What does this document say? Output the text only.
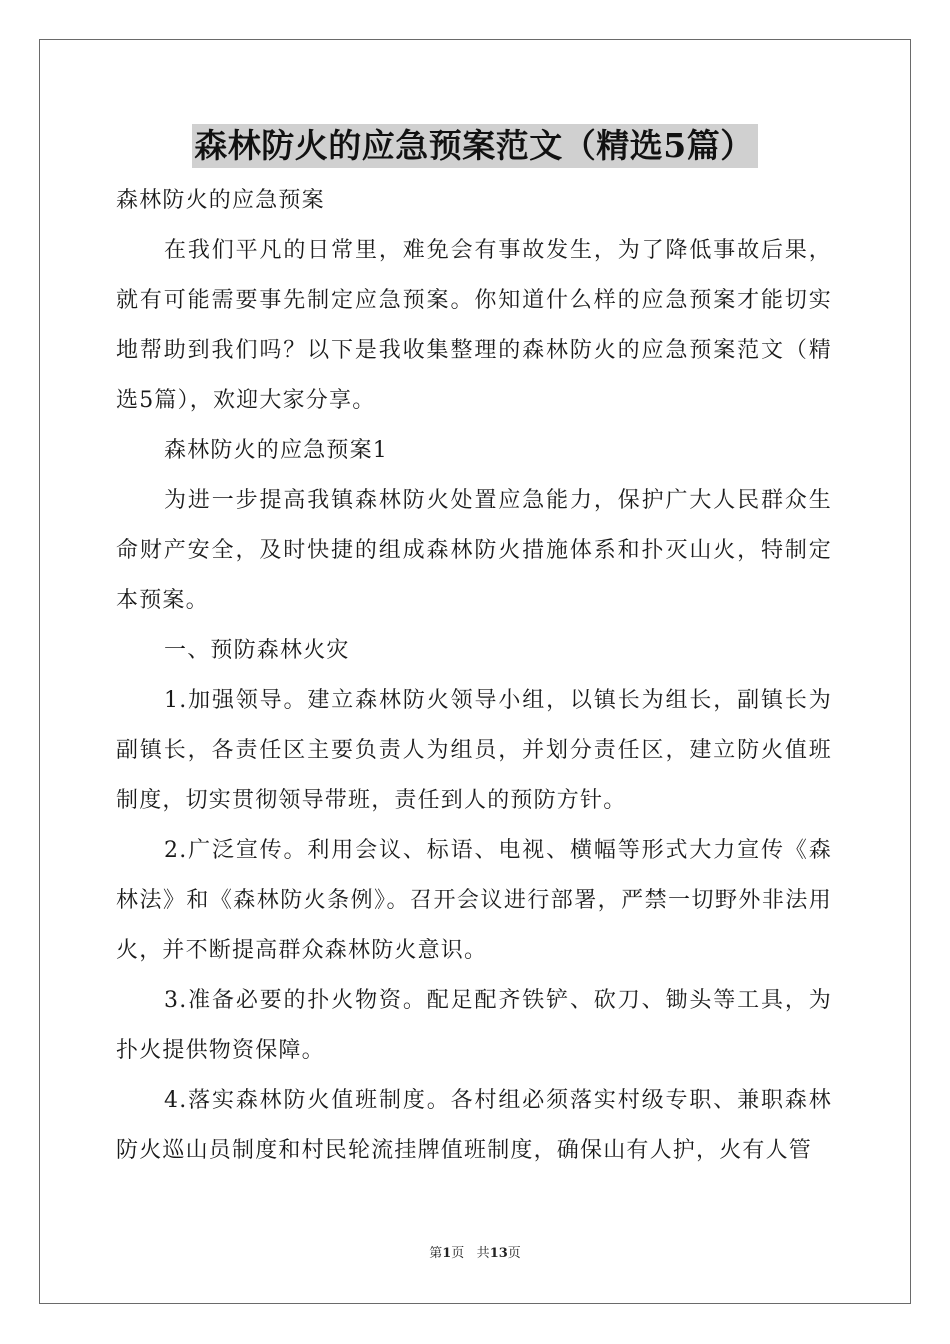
森林防火的应急预案范文（精选5篇）

森林防火的应急预案

在我们平凡的日常里，难免会有事故发生，为了降低事故后果，就有可能需要事先制定应急预案。你知道什么样的应急预案才能切实地帮助到我们吗？以下是我收集整理的森林防火的应急预案范文（精选5篇），欢迎大家分享。

森林防火的应急预案1

为进一步提高我镇森林防火处置应急能力，保护广大人民群众生命财产安全，及时快捷的组成森林防火措施体系和扑灭山火，特制定本预案。

一、预防森林火灾

1.加强领导。建立森林防火领导小组，以镇长为组长，副镇长为副镇长，各责任区主要负责人为组员，并划分责任区，建立防火值班制度，切实贯彻领导带班，责任到人的预防方针。

2.广泛宣传。利用会议、标语、电视、横幅等形式大力宣传《森林法》和《森林防火条例》。召开会议进行部署，严禁一切野外非法用火，并不断提高群众森林防火意识。

3.准备必要的扑火物资。配足配齐铁铲、砍刀、锄头等工具，为扑火提供物资保障。

4.落实森林防火值班制度。各村组必须落实村级专职、兼职森林防火巡山员制度和村民轮流挂牌值班制度，确保山有人护，火有人管

第1页 共13页
